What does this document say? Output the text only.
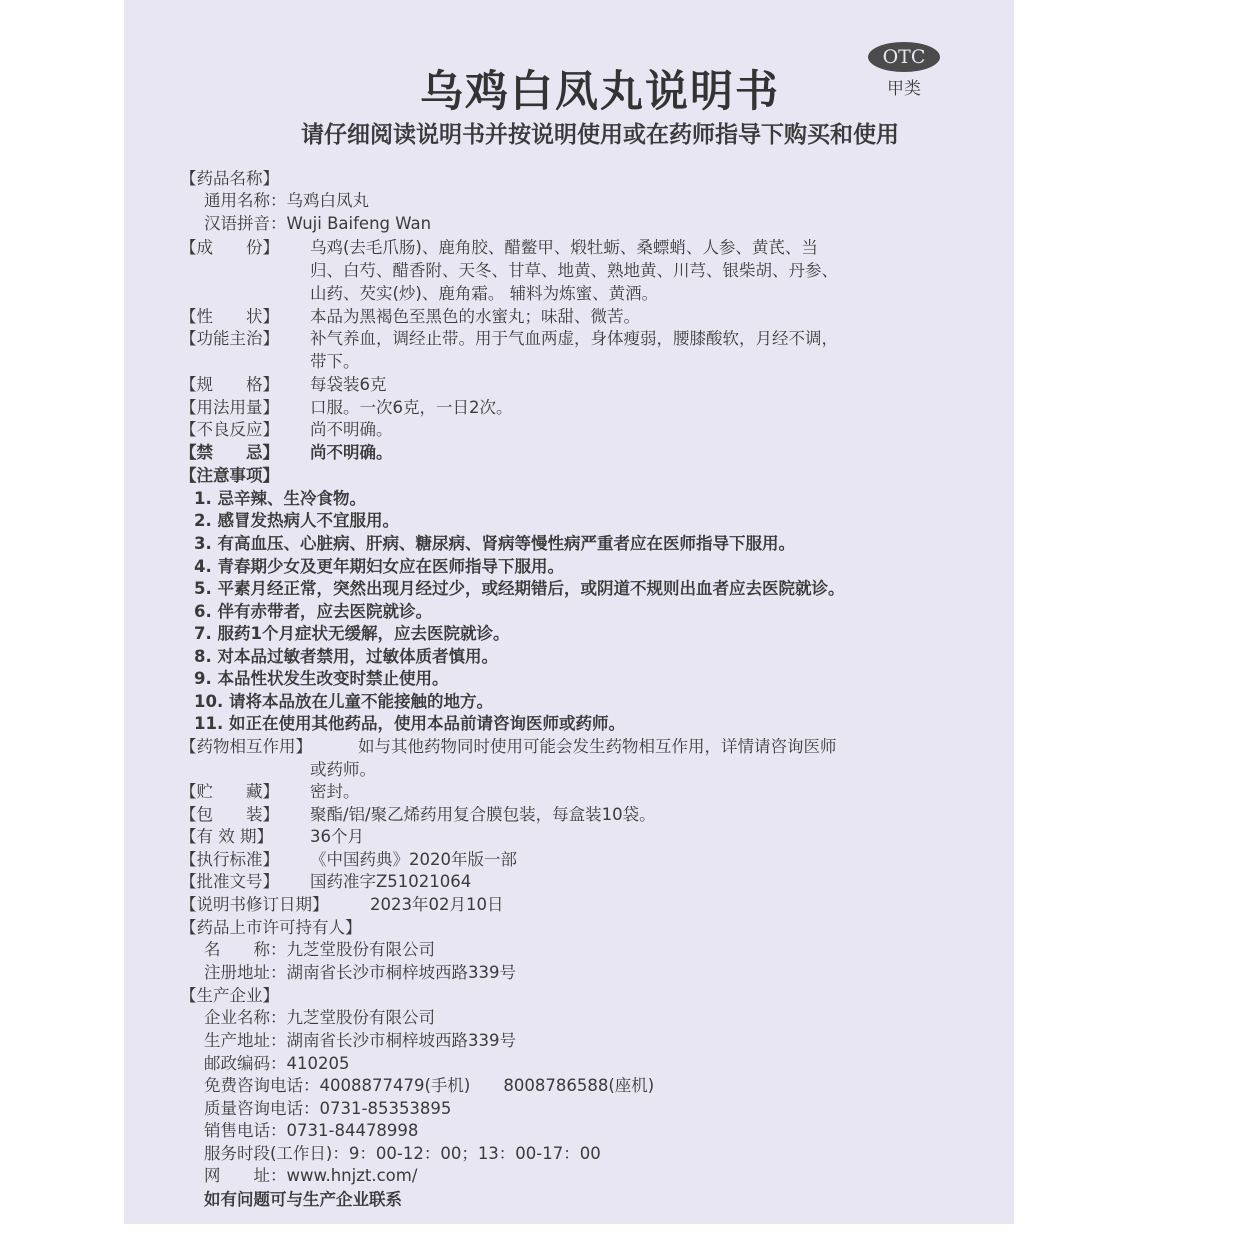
OTC
甲类
乌鸡白凤丸说明书
请仔细阅读说明书并按说明使用或在药师指导下购买和使用
【药品名称】
通用名称：乌鸡白凤丸
汉语拼音：Wuji Baifeng Wan
【成　　份】 乌鸡(去毛爪肠)、鹿角胶、醋鳖甲、煅牡蛎、桑螵蛸、人参、黄芪、当
归、白芍、醋香附、天冬、甘草、地黄、熟地黄、川芎、银柴胡、丹参、
山药、芡实(炒)、鹿角霜。 辅料为炼蜜、黄酒。
【性　　状】 本品为黑褐色至黑色的水蜜丸；味甜、微苦。
【功能主治】 补气养血，调经止带。用于气血两虚，身体瘦弱，腰膝酸软，月经不调，
带下。
【规　　格】 每袋装6克
【用法用量】 口服。一次6克，一日2次。
【不良反应】 尚不明确。
【禁　　忌】 尚不明确。
【注意事项】
1. 忌辛辣、生冷食物。
2. 感冒发热病人不宜服用。
3. 有高血压、心脏病、肝病、糖尿病、肾病等慢性病严重者应在医师指导下服用。
4. 青春期少女及更年期妇女应在医师指导下服用。
5. 平素月经正常，突然出现月经过少，或经期错后，或阴道不规则出血者应去医院就诊。
6. 伴有赤带者，应去医院就诊。
7. 服药1个月症状无缓解，应去医院就诊。
8. 对本品过敏者禁用，过敏体质者慎用。
9. 本品性状发生改变时禁止使用。
10. 请将本品放在儿童不能接触的地方。
11. 如正在使用其他药品，使用本品前请咨询医师或药师。
【药物相互作用】	如与其他药物同时使用可能会发生药物相互作用，详情请咨询医师
或药师。
【贮　　藏】 密封。
【包　　装】 聚酯/铝/聚乙烯药用复合膜包装，每盒装10袋。
【有 效 期】 36个月
【执行标准】 《中国药典》2020年版一部
【批准文号】 国药准字Z51021064
【说明书修订日期】	2023年02月10日
【药品上市许可持有人】
名　　称：九芝堂股份有限公司
注册地址：湖南省长沙市桐梓坡西路339号
【生产企业】
企业名称：九芝堂股份有限公司
生产地址：湖南省长沙市桐梓坡西路339号
邮政编码：410205
免费咨询电话：4008877479(手机)　　8008786588(座机)
质量咨询电话：0731-85353895
销售电话：0731-84478998
服务时段(工作日)：9：00-12：00；13：00-17：00
网　　址：www.hnjzt.com/
如有问题可与生产企业联系
